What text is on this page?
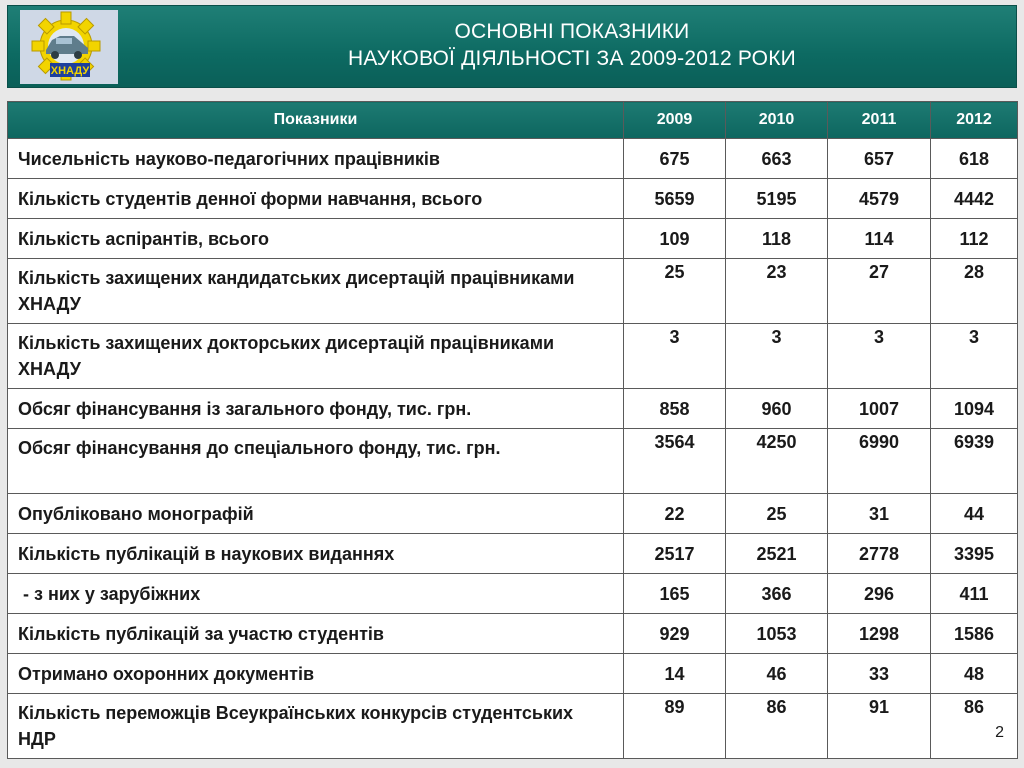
ХНАДУ
ОСНОВНІ ПОКАЗНИКИ
НАУКОВОЇ ДІЯЛЬНОСТІ ЗА 2009-2012 РОКИ
Показники	2009	2010	2011	2012

Чисельність науково-педагогічних працівників	675	663	657	618

Кількість студентів денної форми навчання, всього	5659	5195	4579	4442

Кількість аспірантів, всього	109	118	114	112

Кількість захищених кандидатських дисертацій працівниками ХНАДУ	25	23	27	28

Кількість захищених докторських дисертацій працівниками ХНАДУ	3	3	3	3

Обсяг фінансування із загального фонду, тис. грн.	858	960	1007	1094

Обсяг фінансування до спеціального фонду, тис. грн.	3564	4250	6990	6939

Опубліковано монографій	22	25	31	44

Кількість публікацій в наукових виданнях	2517	2521	2778	3395

- з них у зарубіжних	165	366	296	411

Кількість публікацій за участю студентів	929	1053	1298	1586

Отримано охоронних документів	14	46	33	48

Кількість переможців Всеукраїнських конкурсів студентських НДР	89	86	91	86
2
